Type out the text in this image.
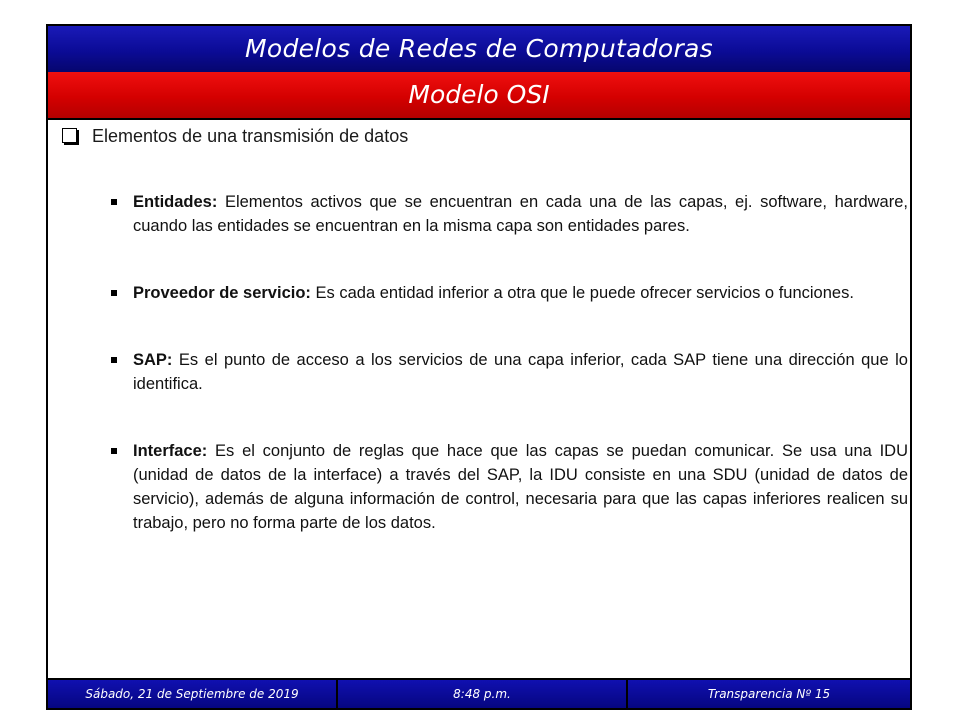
Modelos de Redes de Computadoras
Modelo OSI
Elementos de una transmisión de datos
Entidades: Elementos activos que se encuentran en cada una de las capas, ej. software, hardware, cuando las entidades se encuentran en la misma capa son entidades pares.
Proveedor de servicio: Es cada entidad inferior a otra que le puede ofrecer servicios o funciones.
SAP: Es el punto de acceso a los servicios de una capa inferior, cada SAP tiene una dirección que lo identifica.
Interface: Es el conjunto de reglas que hace que las capas se puedan comunicar. Se usa una IDU (unidad de datos de la interface) a través del SAP, la IDU consiste en una SDU (unidad de datos de servicio), además de alguna información de control, necesaria para que las capas inferiores realicen su trabajo, pero no forma parte de los datos.
Sábado, 21 de Septiembre de 2019	8:48 p.m.	Transparencia Nº 15
